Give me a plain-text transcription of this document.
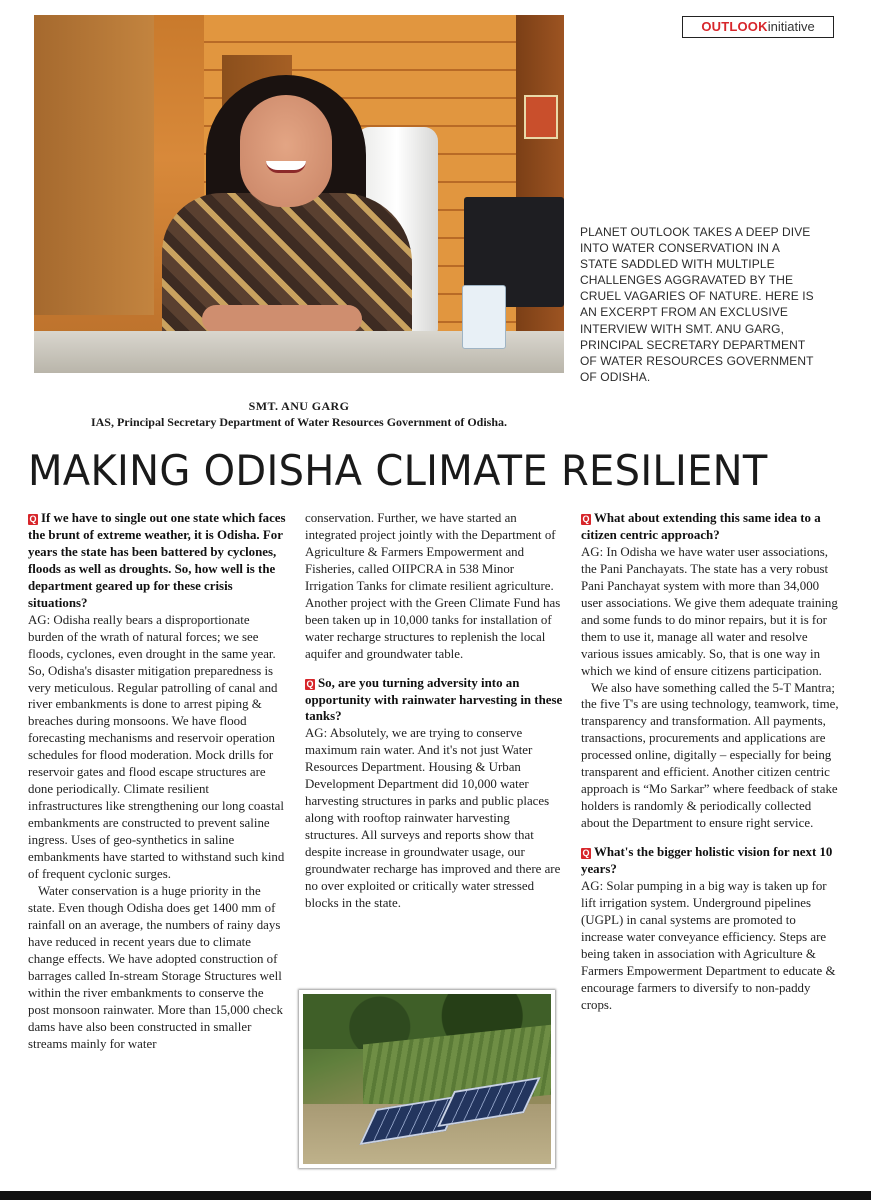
OUTLOOKinitiative
PLANET OUTLOOK TAKES A DEEP DIVE INTO WATER CONSERVATION IN A STATE SADDLED WITH MULTIPLE CHALLENGES AGGRAVATED BY THE CRUEL VAGARIES OF NATURE. HERE IS AN EXCERPT FROM AN EXCLUSIVE INTERVIEW WITH SMT. ANU GARG, PRINCIPAL SECRETARY DEPARTMENT OF WATER RESOURCES GOVERNMENT OF ODISHA.
SMT. ANU GARG
IAS, Principal Secretary Department of Water Resources Government of Odisha.
MAKING ODISHA CLIMATE RESILIENT

Q If we have to single out one state which faces the brunt of extreme weather, it is Odisha. For years the state has been battered by cyclones, floods as well as droughts. So, how well is the department geared up for these crisis situations?

AG: Odisha really bears a disproportionate burden of the wrath of natural forces; we see floods, cyclones, even drought in the same year. So, Odisha's disaster mitigation preparedness is very meticulous. Regular patrolling of canal and river embankments is done to arrest piping & breaches during monsoons. We have flood forecasting mechanisms and reservoir operation schedules for flood moderation. Mock drills for reservoir gates and flood escape structures are done periodically. Climate resilient infrastructures like strengthening our long coastal embankments are constructed to prevent saline ingress. Uses of geo-synthetics in saline embankments have started to withstand such kind of frequent cyclonic surges.

Water conservation is a huge priority in the state. Even though Odisha does get 1400 mm of rainfall on an average, the numbers of rainy days have reduced in recent years due to climate change effects. We have adopted construction of barrages called In-stream Storage Structures well within the river embankments to conserve the post monsoon rainwater. More than 15,000 check dams have also been constructed in smaller streams mainly for water

conservation. Further, we have started an integrated project jointly with the Department of Agriculture & Farmers Empowerment and Fisheries, called OIIPCRA in 538 Minor Irrigation Tanks for climate resilient agriculture. Another project with the Green Climate Fund has been taken up in 10,000 tanks for installation of water recharge structures to replenish the local aquifer and groundwater table.

Q So, are you turning adversity into an opportunity with rainwater harvesting in these tanks?

AG: Absolutely, we are trying to conserve maximum rain water. And it's not just Water Resources Department. Housing & Urban Development Department did 10,000 water harvesting structures in parks and public places along with rooftop rainwater harvesting structures. All surveys and reports show that despite increase in groundwater usage, our groundwater recharge has improved and there are no over exploited or critically water stressed blocks in the state.

Q What about extending this same idea to a citizen centric approach?

AG: In Odisha we have water user associations, the Pani Panchayats. The state has a very robust Pani Panchayat system with more than 34,000 user associations. We give them adequate training and some funds to do minor repairs, but it is for them to use it, manage all water and resolve various issues amicably. So, that is one way in which we kind of ensure citizens participation.

We also have something called the 5-T Mantra; the five T's are using technology, teamwork, time, transparency and transformation. All payments, transactions, procurements and applications are processed online, digitally – especially for being transparent and efficient. Another citizen centric approach is “Mo Sarkar” where feedback of stake holders is randomly & periodically collected about the Department to ensure right service.

Q What's the bigger holistic vision for next 10 years?

AG: Solar pumping in a big way is taken up for lift irrigation system. Underground pipelines (UGPL) in canal systems are promoted to increase water conveyance efficiency. Steps are being taken in association with Agriculture & Farmers Empowerment Department to educate & encourage farmers to diversify to non-paddy crops.
